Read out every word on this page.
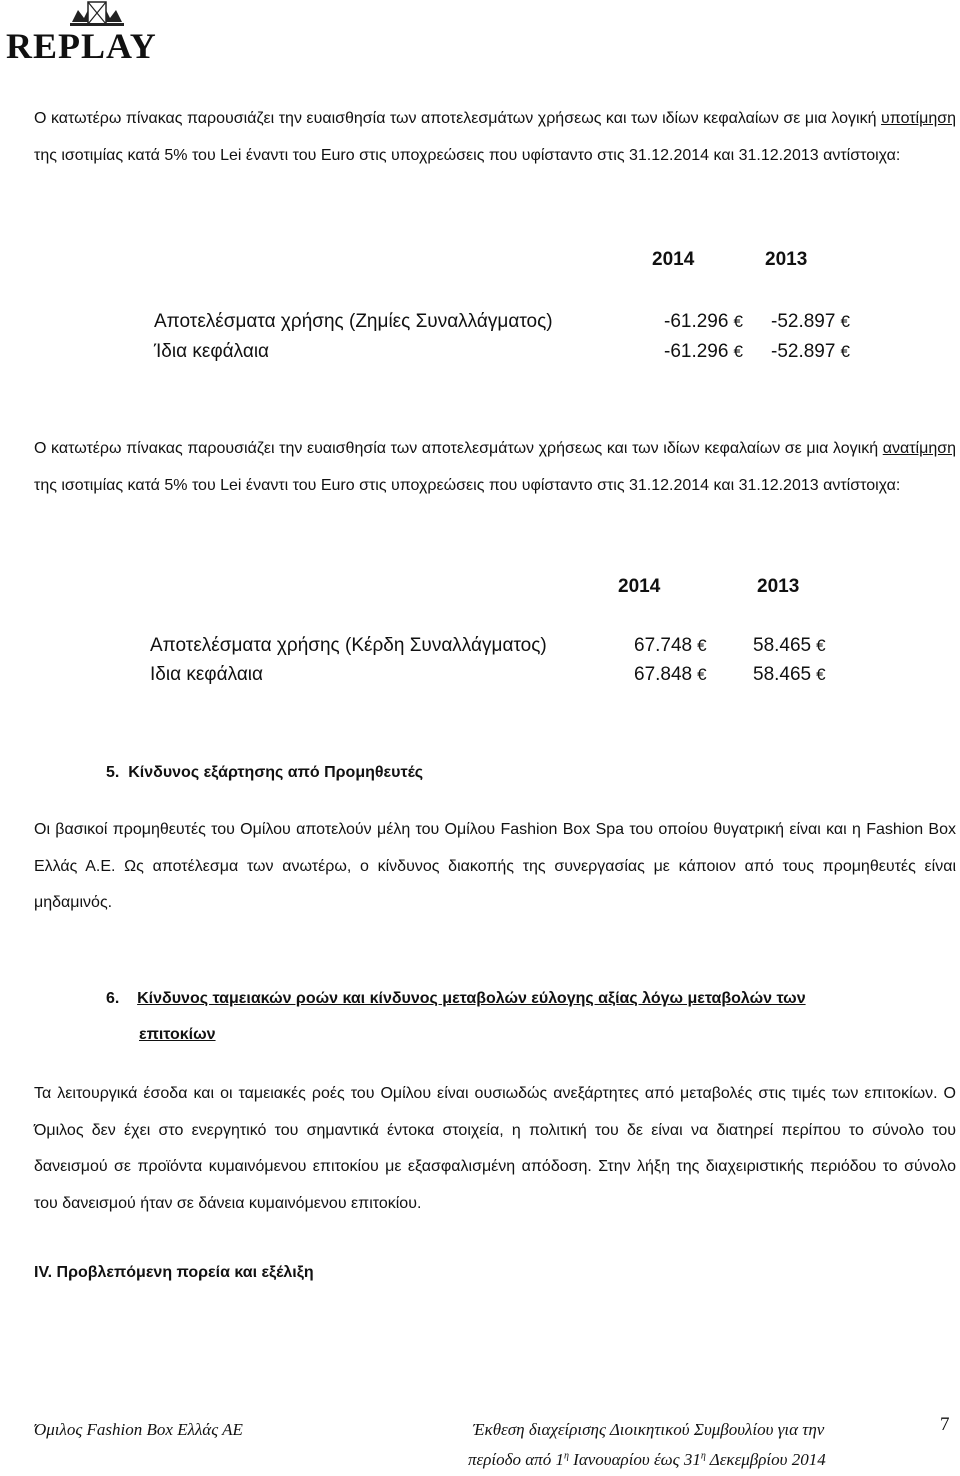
REPLAY

Ο κατωτέρω πίνακας παρουσιάζει την ευαισθησία των αποτελεσμάτων χρήσεως και των ιδίων κεφαλαίων σε μια λογική υποτίμηση της ισοτιμίας κατά 5% του Lei έναντι του Euro στις υποχρεώσεις που υφίσταντο στις 31.12.2014 και 31.12.2013 αντίστοιχα:

2014	2013
Αποτελέσματα χρήσης (Ζημίες Συναλλάγματος)	-61.296 € -52.897 €
Ίδια κεφάλαια	-61.296 € -52.897 €

Ο κατωτέρω πίνακας παρουσιάζει την ευαισθησία των αποτελεσμάτων χρήσεως και των ιδίων κεφαλαίων σε μια λογική ανατίμηση της ισοτιμίας κατά 5% του Lei έναντι του Euro στις υποχρεώσεις που υφίσταντο στις 31.12.2014 και 31.12.2013 αντίστοιχα:

2014	2013
Αποτελέσματα χρήσης (Κέρδη Συναλλάγματος)	67.748 € 58.465 €
Ιδια κεφάλαια	67.848 € 58.465 €
5. Κίνδυνος εξάρτησης από Προμηθευτές

Οι βασικοί προμηθευτές του Ομίλου αποτελούν μέλη του Ομίλου Fashion Box Spa του οποίου θυγατρική είναι και η Fashion Box Ελλάς Α.Ε. Ως αποτέλεσμα των ανωτέρω, ο κίνδυνος διακοπής της συνεργασίας με κάποιον από τους προμηθευτές είναι μηδαμινός.

6. Κίνδυνος ταμειακών ροών και κίνδυνος μεταβολών εύλογης αξίας λόγω μεταβολών των
επιτοκίων

Τα λειτουργικά έσοδα και οι ταμειακές ροές του Ομίλου είναι ουσιωδώς ανεξάρτητες από μεταβολές στις τιμές των επιτοκίων. Ο Όμιλος δεν έχει στο ενεργητικό του σημαντικά έντοκα στοιχεία, η πολιτική του δε είναι να διατηρεί περίπου το σύνολο του δανεισμού σε προϊόντα κυμαινόμενου επιτοκίου με εξασφαλισμένη απόδοση. Στην λήξη της διαχειριστικής περιόδου το σύνολο του δανεισμού ήταν σε δάνεια κυμαινόμενου επιτοκίου.

IV. Προβλεπόμενη πορεία και εξέλιξη
7
Όμιλος Fashion Box Ελλάς ΑΕ	Έκθεση διαχείρισης Διοικητικού Συμβουλίου για την
περίοδο από $1^\eta$ Ιανουαρίου έως $31^\eta$ Δεκεμβρίου 2014
